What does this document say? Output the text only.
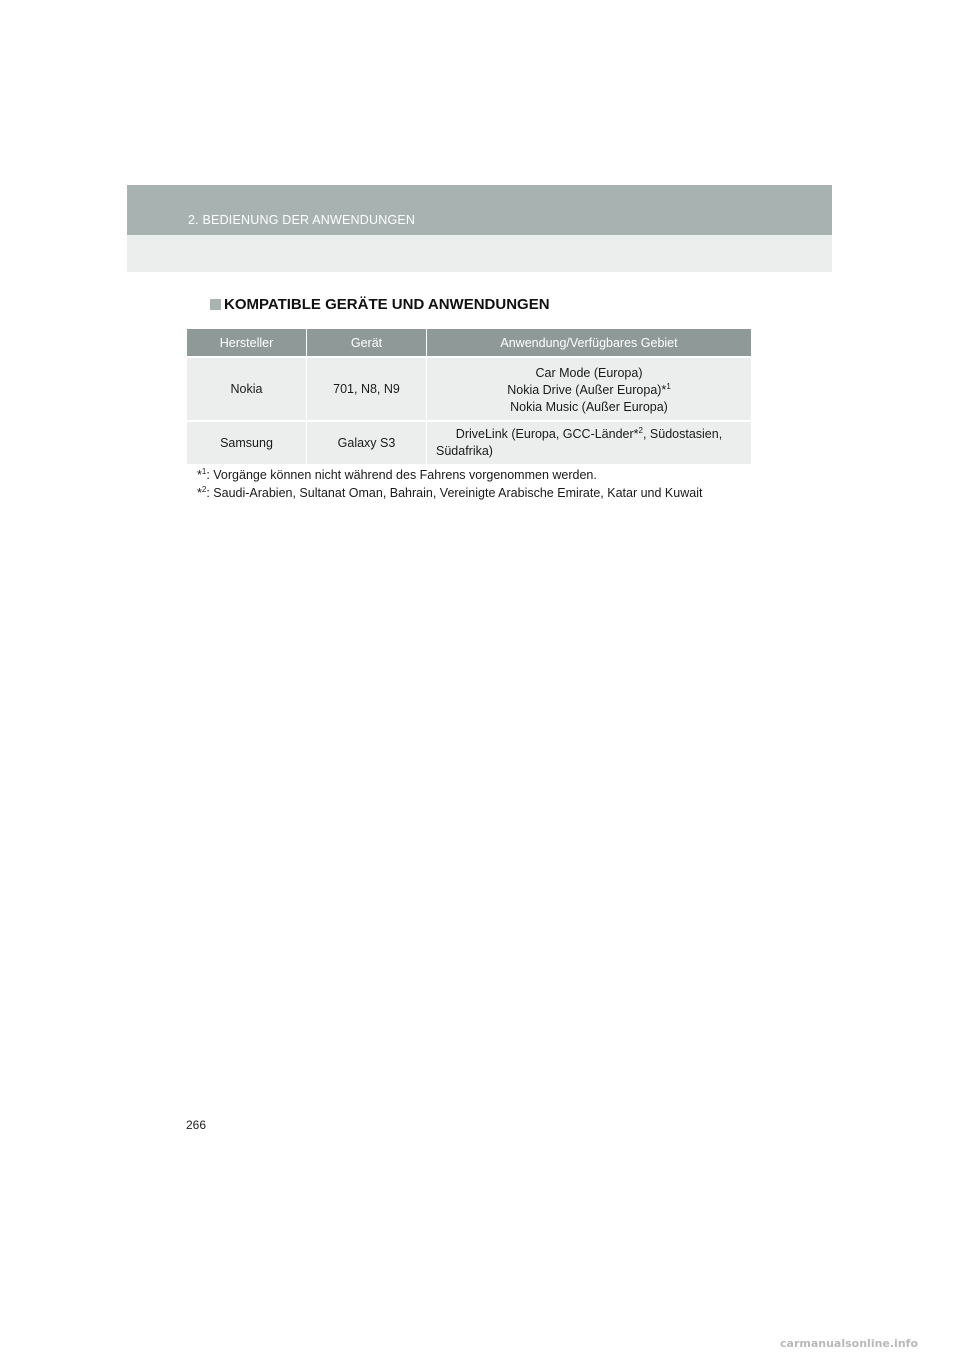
2. BEDIENUNG DER ANWENDUNGEN
KOMPATIBLE GERÄTE UND ANWENDUNGEN
Hersteller	Gerät	Anwendung/Verfügbares Gebiet
Nokia	701, N8, N9	Car Mode (Europa)
Nokia Drive (Außer Europa)*$^1$
Nokia Music (Außer Europa)

Samsung	Galaxy S3	DriveLink (Europa, GCC-Länder*$^2$, Südostasien, Südafrika)
*$^1$: Vorgänge können nicht während des Fahrens vorgenommen werden.
*$^2$: Saudi-Arabien, Sultanat Oman, Bahrain, Vereinigte Arabische Emirate, Katar und Kuwait
266
carmanualsonline.info
